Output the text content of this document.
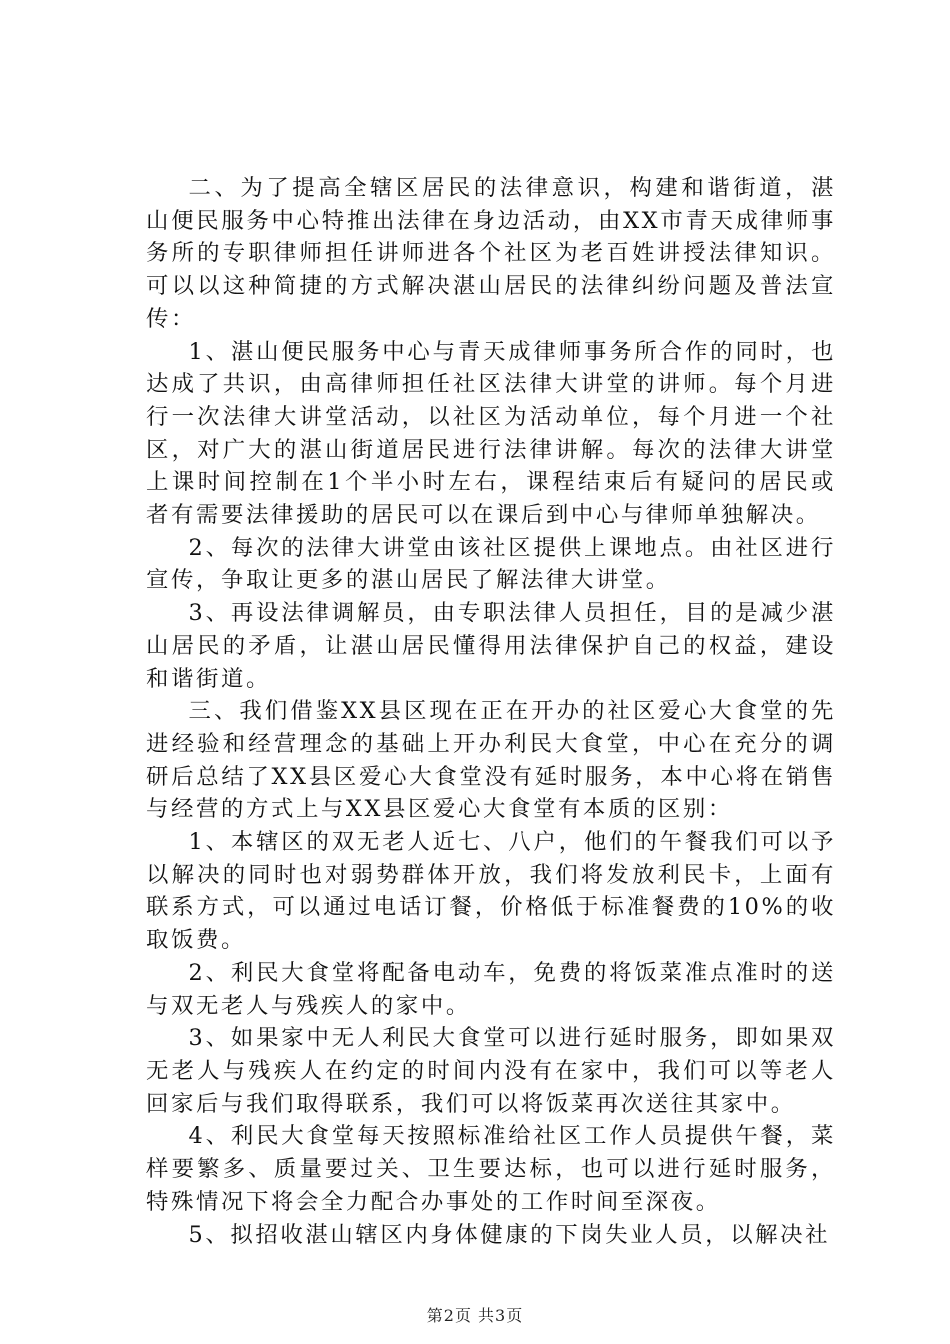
二、为了提高全辖区居民的法律意识，构建和谐街道，湛山便民服务中心特推出法律在身边活动，由XX市青天成律师事务所的专职律师担任讲师进各个社区为老百姓讲授法律知识。可以以这种简捷的方式解决湛山居民的法律纠纷问题及普法宣传：

1、湛山便民服务中心与青天成律师事务所合作的同时，也达成了共识，由高律师担任社区法律大讲堂的讲师。每个月进行一次法律大讲堂活动，以社区为活动单位，每个月进一个社区，对广大的湛山街道居民进行法律讲解。每次的法律大讲堂上课时间控制在1个半小时左右，课程结束后有疑问的居民或者有需要法律援助的居民可以在课后到中心与律师单独解决。

2、每次的法律大讲堂由该社区提供上课地点。由社区进行宣传，争取让更多的湛山居民了解法律大讲堂。

3、再设法律调解员，由专职法律人员担任，目的是减少湛山居民的矛盾，让湛山居民懂得用法律保护自己的权益，建设和谐街道。

三、我们借鉴XX县区现在正在开办的社区爱心大食堂的先进经验和经营理念的基础上开办利民大食堂，中心在充分的调研后总结了XX县区爱心大食堂没有延时服务，本中心将在销售与经营的方式上与XX县区爱心大食堂有本质的区别：

1、本辖区的双无老人近七、八户，他们的午餐我们可以予以解决的同时也对弱势群体开放，我们将发放利民卡，上面有联系方式，可以通过电话订餐，价格低于标准餐费的10%的收取饭费。

2、利民大食堂将配备电动车，免费的将饭菜准点准时的送与双无老人与残疾人的家中。

3、如果家中无人利民大食堂可以进行延时服务，即如果双无老人与残疾人在约定的时间内没有在家中，我们可以等老人回家后与我们取得联系，我们可以将饭菜再次送往其家中。

4、利民大食堂每天按照标准给社区工作人员提供午餐，菜样要繁多、质量要过关、卫生要达标，也可以进行延时服务，特殊情况下将会全力配合办事处的工作时间至深夜。

5、拟招收湛山辖区内身体健康的下岗失业人员，以解决社

第2页 共3页
